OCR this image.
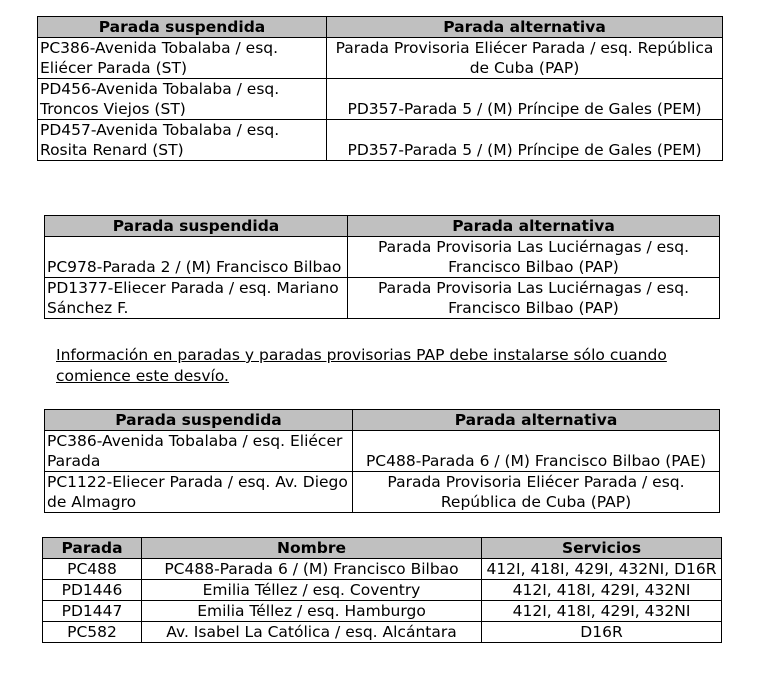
Parada suspendida	Parada alternativa
PC386-Avenida Tobalaba / esq. Eliécer Parada (ST)	Parada Provisoria Eliécer Parada / esq. República de Cuba (PAP)
PD456-Avenida Tobalaba / esq. Troncos Viejos (ST)	PD357-Parada 5 / (M) Príncipe de Gales (PEM)
PD457-Avenida Tobalaba / esq. Rosita Renard (ST)	PD357-Parada 5 / (M) Príncipe de Gales (PEM)
Parada suspendida	Parada alternativa
PC978-Parada 2 / (M) Francisco Bilbao	Parada Provisoria Las Luciérnagas / esq. Francisco Bilbao (PAP)
PD1377-Eliecer Parada / esq. Mariano Sánchez F.	Parada Provisoria Las Luciérnagas / esq. Francisco Bilbao (PAP)
Información en paradas y paradas provisorias PAP debe instalarse sólo cuando comience este desvío.
Parada suspendida	Parada alternativa
PC386-Avenida Tobalaba / esq. Eliécer Parada	PC488-Parada 6 / (M) Francisco Bilbao (PAE)
PC1122-Eliecer Parada / esq. Av. Diego de Almagro	Parada Provisoria Eliécer Parada / esq. República de Cuba (PAP)
Parada	Nombre	Servicios
PC488	PC488-Parada 6 / (M) Francisco Bilbao	412I, 418I, 429I, 432NI, D16R
PD1446	Emilia Téllez / esq. Coventry	412I, 418I, 429I, 432NI
PD1447	Emilia Téllez / esq. Hamburgo	412I, 418I, 429I, 432NI
PC582	Av. Isabel La Católica / esq. Alcántara	D16R
